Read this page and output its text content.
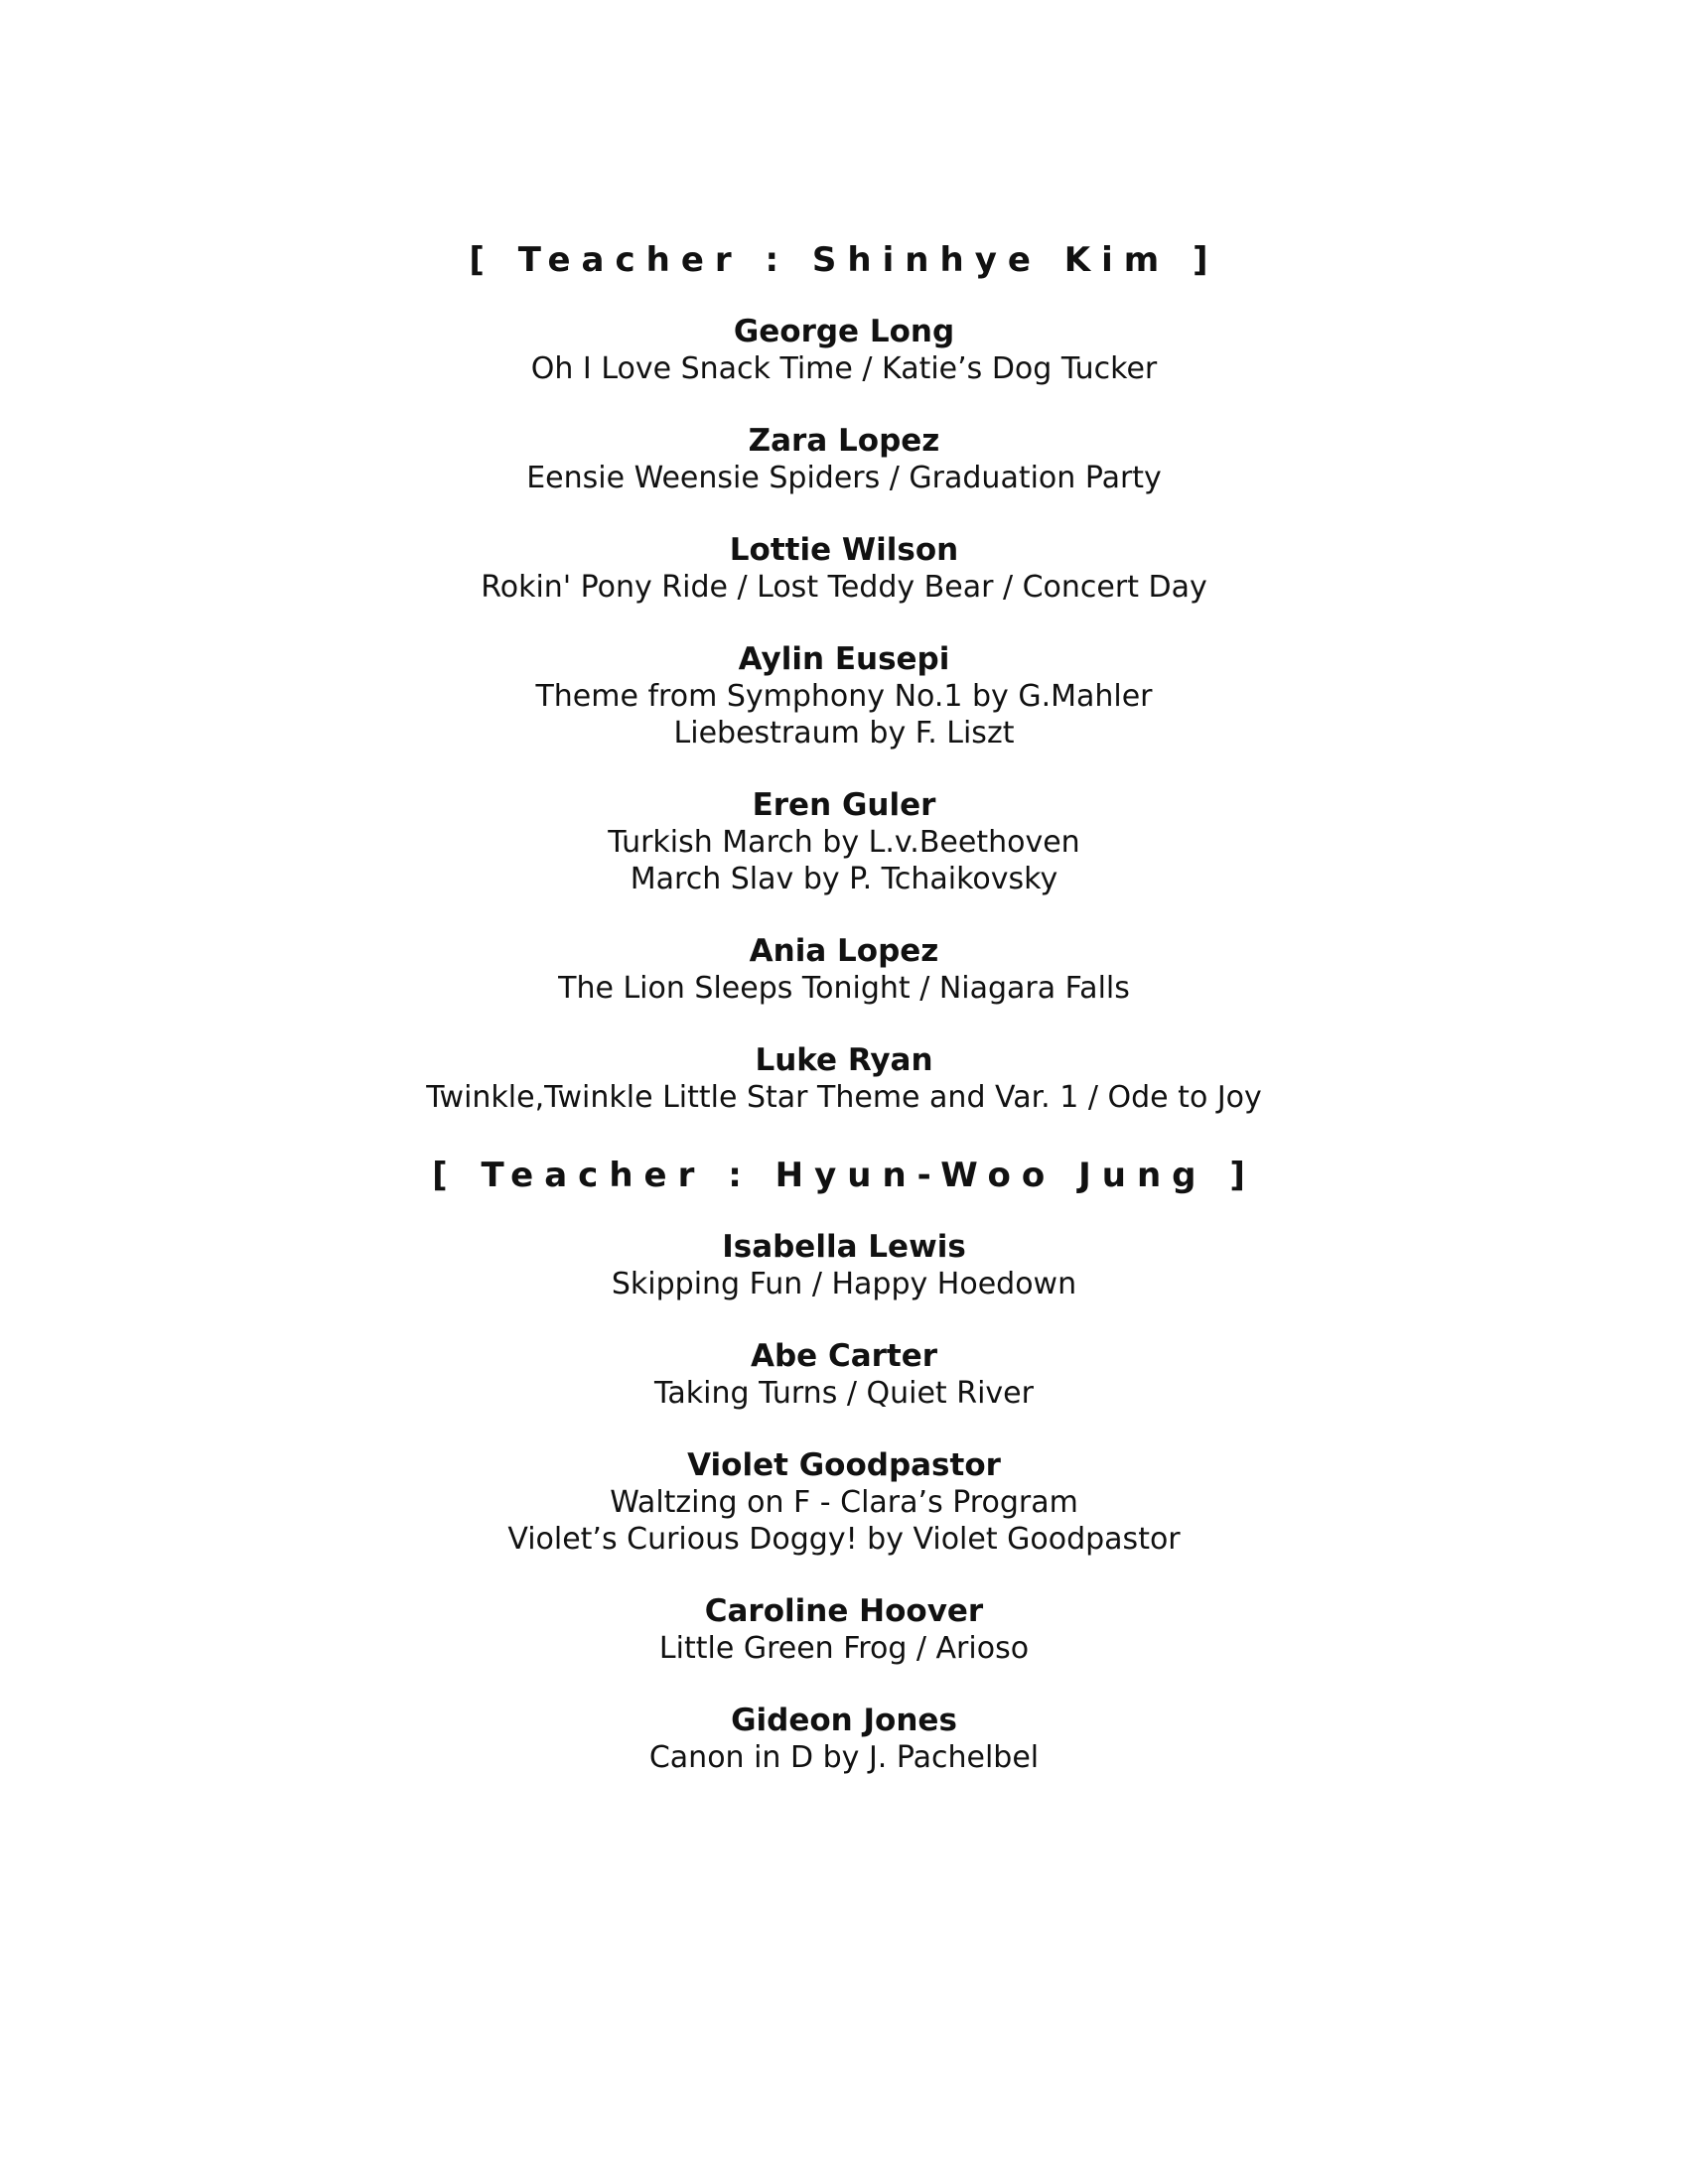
[ Teacher : Shinhye Kim ]
George Long
Oh I Love Snack Time / Katie’s Dog Tucker
Zara Lopez
Eensie Weensie Spiders / Graduation Party
Lottie Wilson
Rokin' Pony Ride / Lost Teddy Bear / Concert Day
Aylin Eusepi
Theme from Symphony No.1 by G.Mahler
Liebestraum by F. Liszt
Eren Guler
Turkish March by L.v.Beethoven
March Slav by P. Tchaikovsky
Ania Lopez
The Lion Sleeps Tonight / Niagara Falls
Luke Ryan
Twinkle,Twinkle Little Star Theme and Var. 1 / Ode to Joy
[ Teacher : Hyun-Woo Jung ]
Isabella Lewis
Skipping Fun / Happy Hoedown
Abe Carter
Taking Turns / Quiet River
Violet Goodpastor
Waltzing on F - Clara’s Program
Violet’s Curious Doggy! by Violet Goodpastor
Caroline Hoover
Little Green Frog / Arioso
Gideon Jones
Canon in D by J. Pachelbel
